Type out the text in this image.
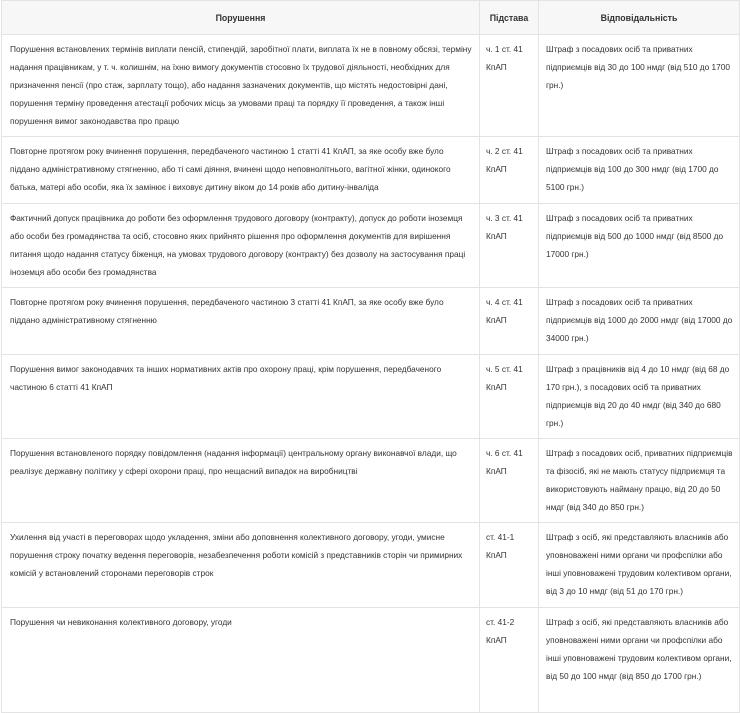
Порушення	Підстава	Відповідальність
Порушення встановлених термінів виплати пенсій, стипендій, заробітної плати, виплата їх не в повному обсязі, терміну надання працівникам, у т. ч. колишнім, на їхню вимогу документів стосовно їх трудової діяльності, необхідних для призначення пенсії (про стаж, зарплату тощо), або надання зазначених документів, що містять недостовірні дані, порушення терміну проведення атестації робочих місць за умовами праці та порядку її проведення, а також інші порушення вимог законодавства про працю	ч. 1 ст. 41 КпАП	Штраф з посадових осіб та приватних підприємців від 30 до 100 нмдг (від 510 до 1700 грн.)
Повторне протягом року вчинення порушення, передбаченого частиною 1 статті 41 КпАП, за яке особу вже було піддано адміністративному стягненню, або ті самі діяння, вчинені щодо неповнолітнього, вагітної жінки, одинокого батька, матері або особи, яка їх замінює і виховує дитину віком до 14 років або дитину-інваліда	ч. 2 ст. 41 КпАП	Штраф з посадових осіб та приватних підприємців від 100 до 300 нмдг (від 1700 до 5100 грн.)
Фактичний допуск працівника до роботи без оформлення трудового договору (контракту), допуск до роботи іноземця або особи без громадянства та осіб, стосовно яких прийнято рішення про оформлення документів для вирішення питання щодо надання статусу біженця, на умовах трудового договору (контракту) без дозволу на застосування праці іноземця або особи без громадянства	ч. 3 ст. 41 КпАП	Штраф з посадових осіб та приватних підприємців від 500 до 1000 нмдг (від 8500 до 17000 грн.)
Повторне протягом року вчинення порушення, передбаченого частиною 3 статті 41 КпАП, за яке особу вже було піддано адміністративному стягненню	ч. 4 ст. 41 КпАП	Штраф з посадових осіб та приватних підприємців від 1000 до 2000 нмдг (від 17000 до 34000 грн.)
Порушення вимог законодавчих та інших нормативних актів про охорону праці, крім порушення, передбаченого частиною 6 статті 41 КпАП	ч. 5 ст. 41 КпАП	Штраф з працівників від 4 до 10 нмдг (від 68 до 170 грн.), з посадових осіб та приватних підприємців від 20 до 40 нмдг (від 340 до 680 грн.)
Порушення встановленого порядку повідомлення (надання інформації) центральному органу виконавчої влади, що реалізує державну політику у сфері охорони праці, про нещасний випадок на виробництві	ч. 6 ст. 41 КпАП	Штраф з посадових осіб, приватних підприємців та фізосіб, які не мають статусу підприємця та використовують найману працю, від 20 до 50 нмдг (від 340 до 850 грн.)
Ухилення від участі в переговорах щодо укладення, зміни або доповнення колективного договору, угоди, умисне порушення строку початку ведення переговорів, незабезпечення роботи комісій з представників сторін чи примирних комісій у встановлений сторонами переговорів строк	ст. 41-1 КпАП	Штраф з осіб, які представляють власників або уповноважені ними органи чи профспілки або інші уповноважені трудовим колективом органи, від 3 до 10 нмдг (від 51 до 170 грн.)
Порушення чи невиконання колективного договору, угоди	ст. 41-2 КпАП	Штраф з осіб, які представляють власників або уповноважені ними органи чи профспілки або інші уповноважені трудовим колективом органи, від 50 до 100 нмдг (від 850 до 1700 грн.)
